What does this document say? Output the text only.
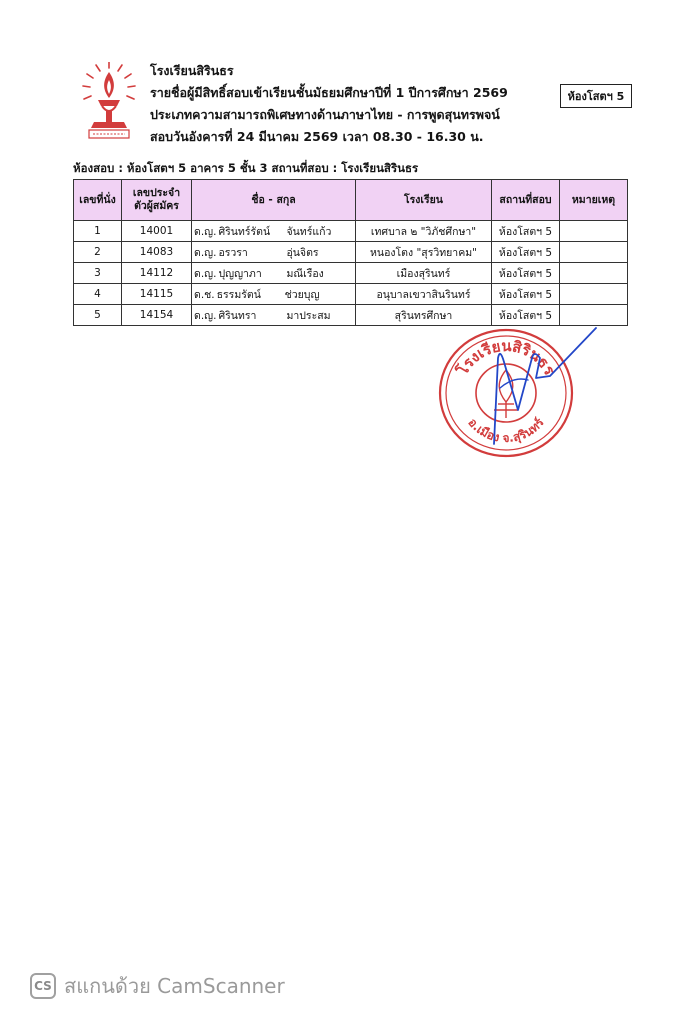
โรงเรียนสิรินธร
รายชื่อผู้มีสิทธิ์สอบเข้าเรียนชั้นมัธยมศึกษาปีที่ 1 ปีการศึกษา 2569
ประเภทความสามารถพิเศษทางด้านภาษาไทย - การพูดสุนทรพจน์
สอบวันอังคารที่ 24 มีนาคม 2569 เวลา 08.30 - 16.30 น.
ห้องโสตฯ 5
ห้องสอบ : ห้องโสตฯ 5 อาคาร 5 ชั้น 3 สถานที่สอบ : โรงเรียนสิรินธร
เลขที่นั่ง	เลขประจำตัวผู้สมัคร	ชื่อ - สกุล	โรงเรียน	สถานที่สอบ	หมายเหตุ
1	14001	ด.ญ. ศิรินทร์รัตน์ จันทร์แก้ว	เทศบาล ๒ "วิภัชศึกษา"	ห้องโสตฯ 5	
2	14083	ด.ญ. อรวรา อุ่นจิตร	หนองโตง "สุรวิทยาคม"	ห้องโสตฯ 5	
3	14112	ด.ญ. ปุญญาภา มณีเรือง	เมืองสุรินทร์	ห้องโสตฯ 5	
4	14115	ด.ช. ธรรมรัตน์ ช่วยบุญ	อนุบาลเขวาสินรินทร์	ห้องโสตฯ 5	
5	14154	ด.ญ. ศิรินทรา มาประสม	สุรินทรศึกษา	ห้องโสตฯ 5	
โรงเรียนสิรินธร
อ.เมือง จ.สุรินทร์
CS สแกนด้วย CamScanner
